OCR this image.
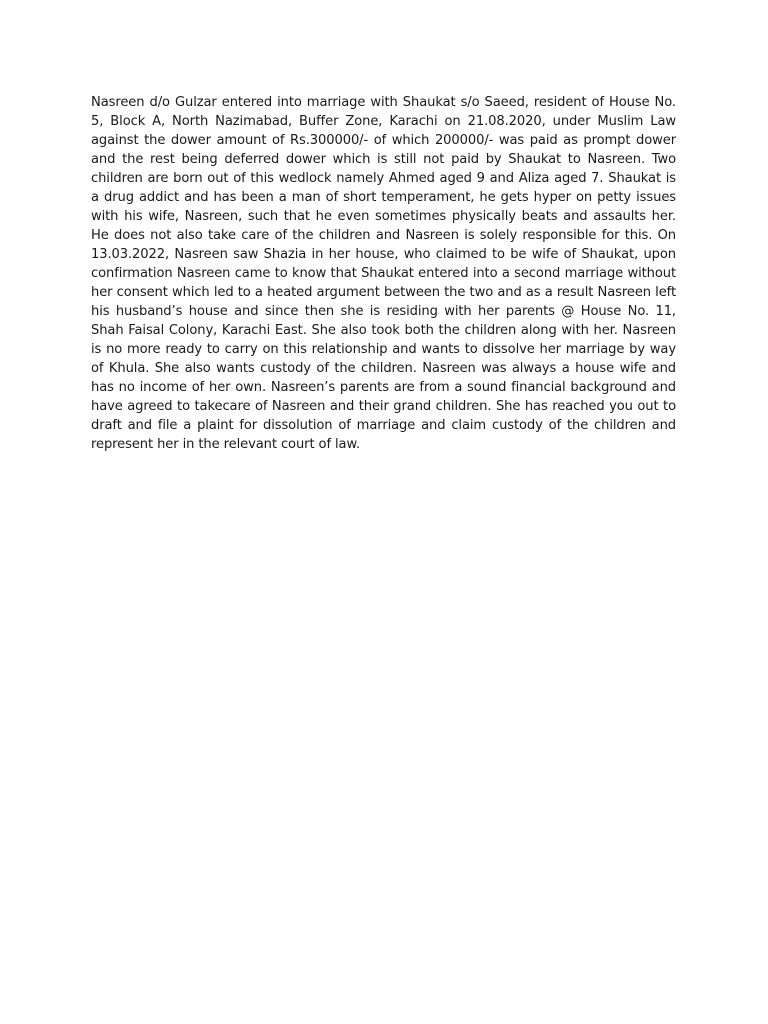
Nasreen d/o Gulzar entered into marriage with Shaukat s/o Saeed, resident of House No. 5, Block A, North Nazimabad, Buffer Zone, Karachi on 21.08.2020, under Muslim Law against the dower amount of Rs.300000/- of which 200000/- was paid as prompt dower and the rest being deferred dower which is still not paid by Shaukat to Nasreen. Two children are born out of this wedlock namely Ahmed aged 9 and Aliza aged 7. Shaukat is a drug addict and has been a man of short temperament, he gets hyper on petty issues with his wife, Nasreen, such that he even sometimes physically beats and assaults her. He does not also take care of the children and Nasreen is solely responsible for this. On 13.03.2022, Nasreen saw Shazia in her house, who claimed to be wife of Shaukat, upon confirmation Nasreen came to know that Shaukat entered into a second marriage without her consent which led to a heated argument between the two and as a result Nasreen left his husband’s house and since then she is residing with her parents @ House No. 11, Shah Faisal Colony, Karachi East. She also took both the children along with her. Nasreen is no more ready to carry on this relationship and wants to dissolve her marriage by way of Khula. She also wants custody of the children. Nasreen was always a house wife and has no income of her own. Nasreen’s parents are from a sound financial background and have agreed to takecare of Nasreen and their grand children. She has reached you out to draft and file a plaint for dissolution of marriage and claim custody of the children and represent her in the relevant court of law.
